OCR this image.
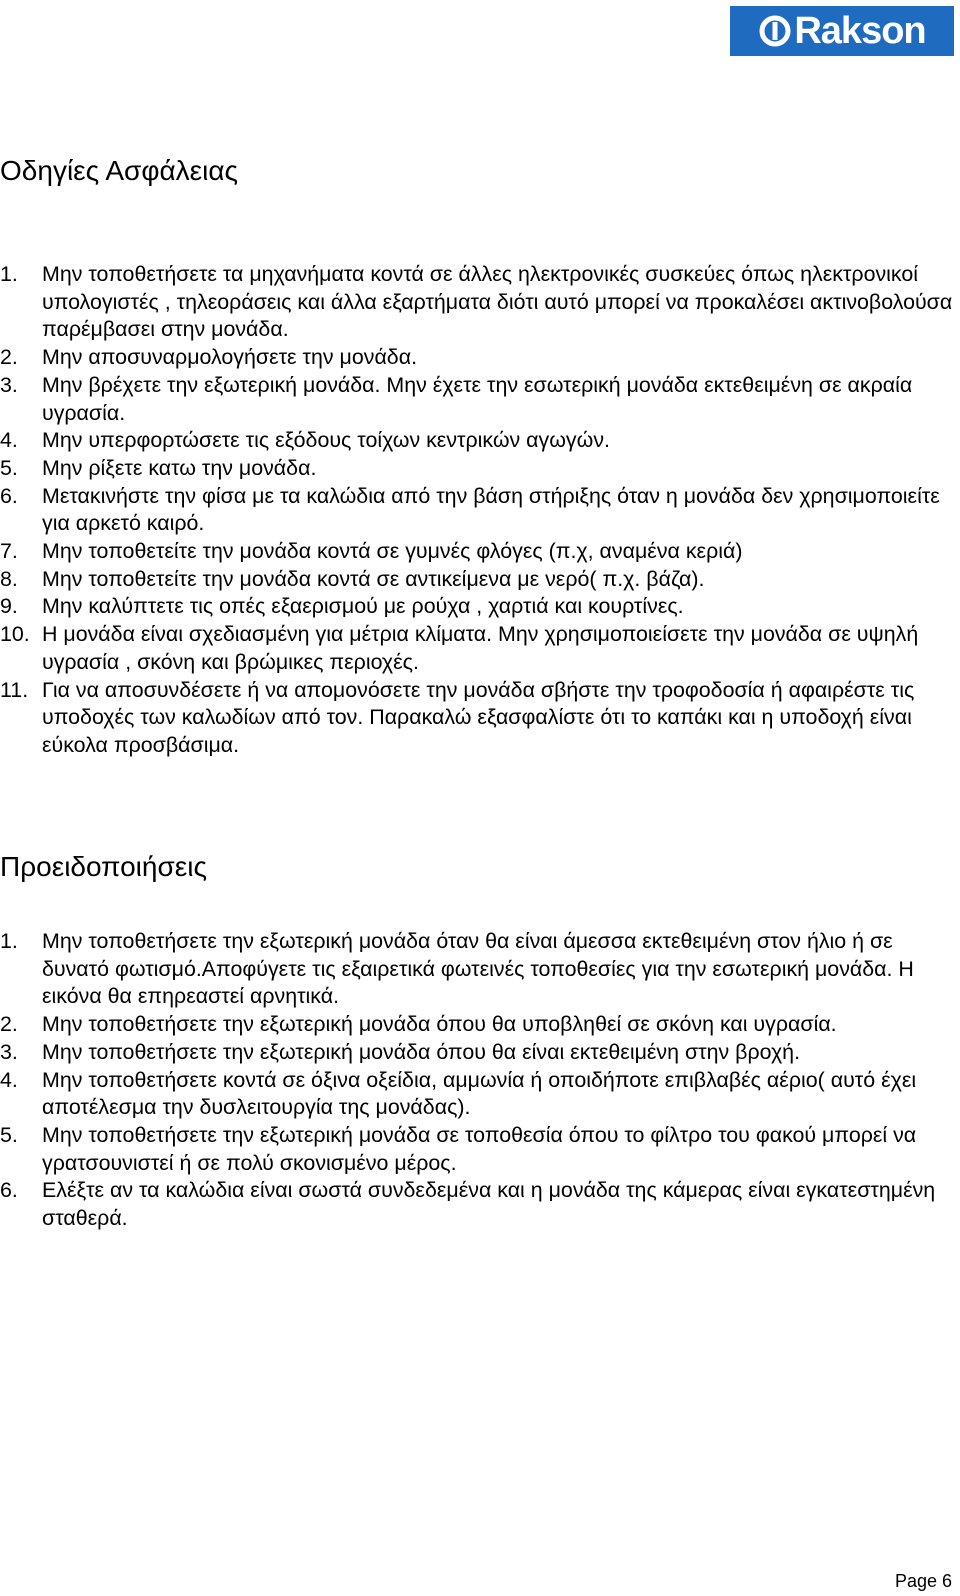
Rakson
Οδηγίες Ασφάλειας
1. Μην τοποθετήσετε τα μηχανήματα κοντά σε άλλες ηλεκτρονικές συσκεύες όπως ηλεκτρονικοί υπολογιστές , τηλεοράσεις και άλλα εξαρτήματα διότι αυτό μπορεί να προκαλέσει ακτινοβολούσα παρέμβασει στην μονάδα.
2. Μην αποσυναρμολογήσετε την μονάδα.
3. Μην βρέχετε την εξωτερική μονάδα. Μην έχετε την εσωτερική μονάδα εκτεθειμένη σε ακραία υγρασία.
4. Μην υπερφορτώσετε τις εξόδους τοίχων κεντρικών αγωγών.
5. Μην ρίξετε κατω την μονάδα.
6. Μετακινήστε την φίσα με τα καλώδια από την βάση στήριξης όταν η μονάδα δεν χρησιμοποιείτε για αρκετό καιρό.
7. Μην τοποθετείτε την μονάδα κοντά σε γυμνές φλόγες (π.χ, αναμένα κεριά)
8. Μην τοποθετείτε την μονάδα κοντά σε αντικείμενα με νερό( π.χ. βάζα).
9. Μην καλύπτετε τις οπές εξαερισμού με ρούχα , χαρτιά και κουρτίνες.
10. Η μονάδα είναι σχεδιασμένη για μέτρια κλίματα. Μην χρησιμοποιείσετε την μονάδα σε υψηλή υγρασία , σκόνη και βρώμικες περιοχές.
11. Για να αποσυνδέσετε ή να απομονόσετε την μονάδα σβήστε την τροφοδοσία ή αφαιρέστε τις υποδοχές των καλωδίων από τον. Παρακαλώ εξασφαλίστε ότι το καπάκι και η υποδοχή είναι εύκολα προσβάσιμα.
Προειδοποιήσεις
1. Μην τοποθετήσετε την εξωτερική μονάδα όταν θα είναι άμεσσα εκτεθειμένη στον ήλιο ή σε δυνατό φωτισμό.Αποφύγετε τις εξαιρετικά φωτεινές τοποθεσίες για την εσωτερική μονάδα. Η εικόνα θα επηρεαστεί αρνητικά.
2. Μην τοποθετήσετε την εξωτερική μονάδα όπου θα υποβληθεί σε σκόνη και υγρασία.
3. Μην τοποθετήσετε την εξωτερική μονάδα όπου θα είναι εκτεθειμένη στην βροχή.
4. Μην τοποθετήσετε κοντά σε όξινα οξείδια, αμμωνία ή οποιδήποτε επιβλαβές αέριο( αυτό έχει αποτέλεσμα την δυσλειτουργία της μονάδας).
5. Μην τοποθετήσετε την εξωτερική μονάδα σε τοποθεσία όπου το φίλτρο του φακού μπορεί να γρατσουνιστεί ή σε πολύ σκονισμένο μέρος.
6. Ελέξτε αν τα καλώδια είναι σωστά συνδεδεμένα και η μονάδα της κάμερας είναι εγκατεστημένη σταθερά.
Page 6
